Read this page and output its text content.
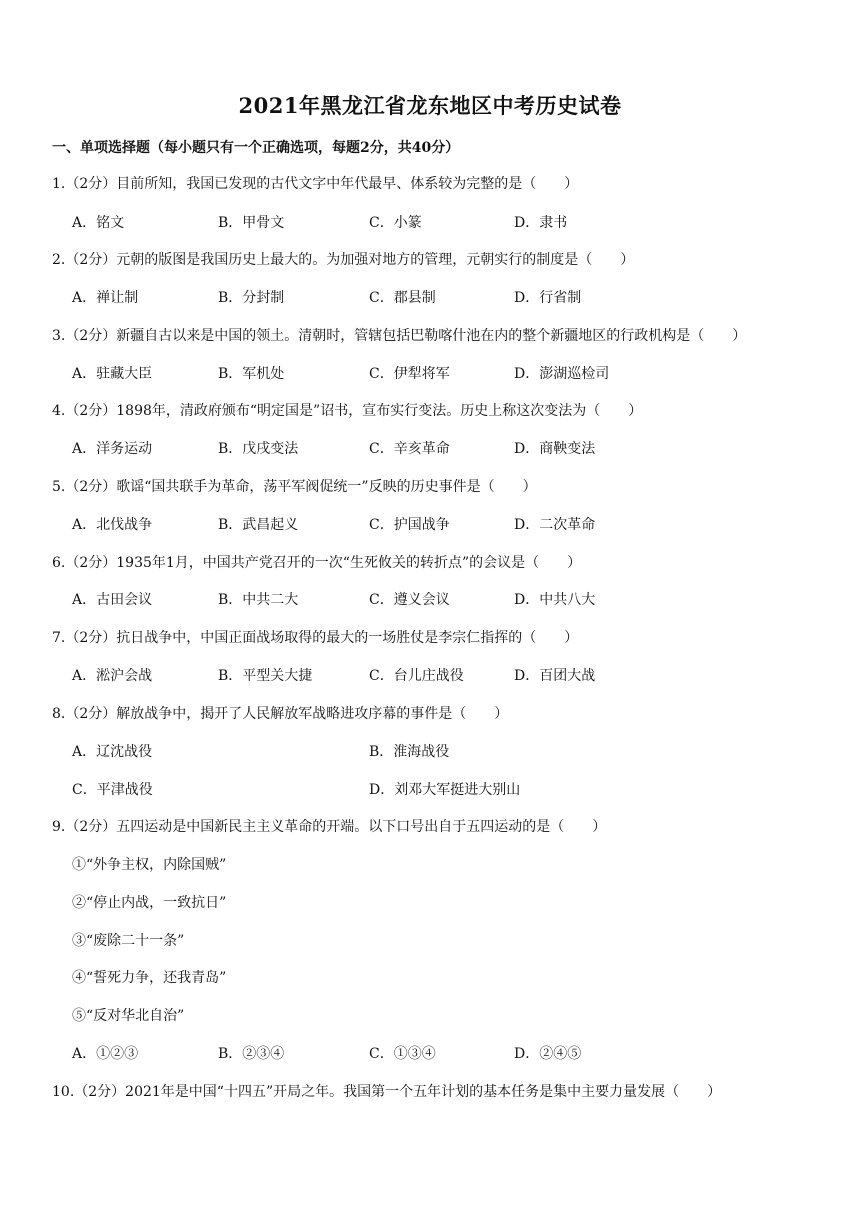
2021年黑龙江省龙东地区中考历史试卷
一、单项选择题（每小题只有一个正确选项，每题2分，共40分）
1.（2分）目前所知，我国已发现的古代文字中年代最早、体系较为完整的是（　　）
A．铭文	B．甲骨文	C．小篆	D．隶书
2.（2分）元朝的版图是我国历史上最大的。为加强对地方的管理，元朝实行的制度是（　　）
A．禅让制	B．分封制	C．郡县制	D．行省制
3.（2分）新疆自古以来是中国的领土。清朝时，管辖包括巴勒喀什池在内的整个新疆地区的行政机构是（　　）
A．驻藏大臣	B．军机处	C．伊犁将军	D．澎湖巡检司
4.（2分）1898年，清政府颁布“明定国是”诏书，宣布实行变法。历史上称这次变法为（　　）
A．洋务运动	B．戊戌变法	C．辛亥革命	D．商鞅变法
5.（2分）歌谣“国共联手为革命，荡平军阀促统一”反映的历史事件是（　　）
A．北伐战争	B．武昌起义	C．护国战争	D．二次革命
6.（2分）1935年1月，中国共产党召开的一次“生死攸关的转折点”的会议是（　　）
A．古田会议	B．中共二大	C．遵义会议	D．中共八大
7.（2分）抗日战争中，中国正面战场取得的最大的一场胜仗是李宗仁指挥的（　　）
A．淞沪会战	B．平型关大捷	C．台儿庄战役	D．百团大战
8.（2分）解放战争中，揭开了人民解放军战略进攻序幕的事件是（　　）
A．辽沈战役	B．淮海战役
C．平津战役	D．刘邓大军挺进大别山
9.（2分）五四运动是中国新民主主义革命的开端。以下口号出自于五四运动的是（　　）
①“外争主权，内除国贼”
②“停止内战，一致抗日”
③“废除二十一条”
④“誓死力争，还我青岛”
⑤“反对华北自治”
A．①②③	B．②③④	C．①③④	D．②④⑤
10.（2分）2021年是中国“十四五”开局之年。我国第一个五年计划的基本任务是集中主要力量发展（　　）
